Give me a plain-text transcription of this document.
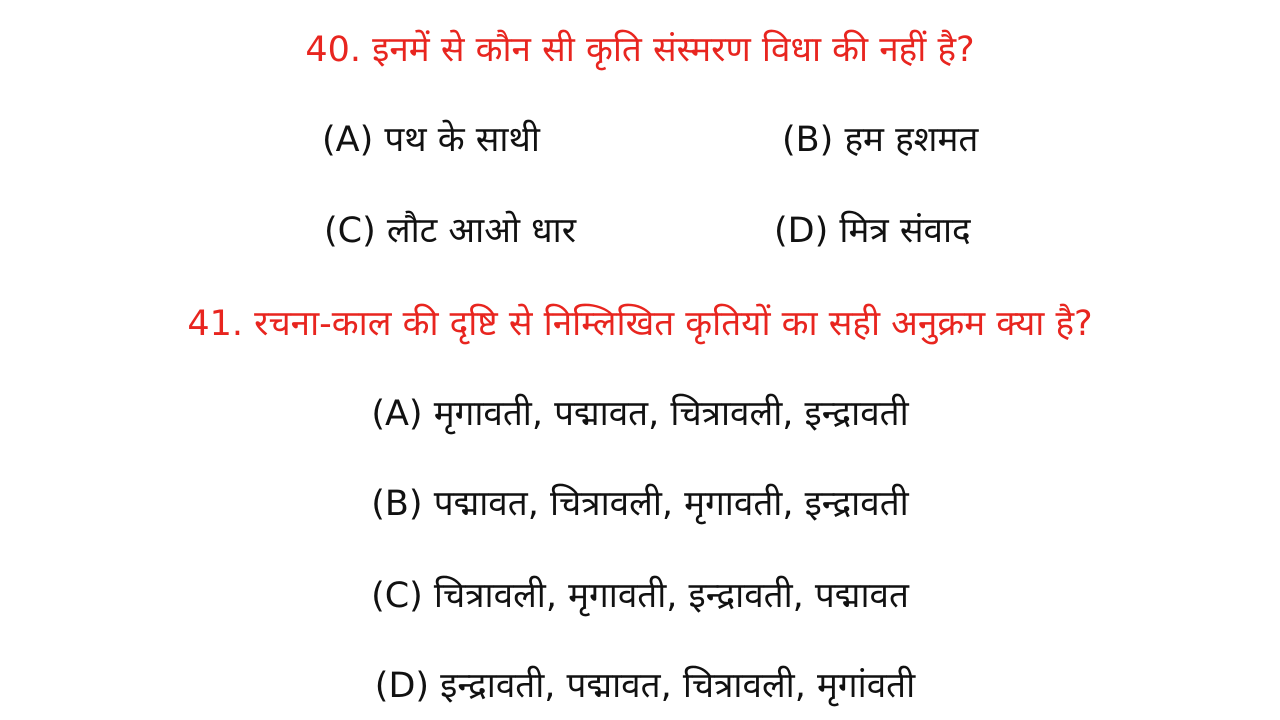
40. इनमें से कौन सी कृति संस्मरण विधा की नहीं है?
(A) पथ के साथी	(B) हम हशमत
(C) लौट आओ धार	(D) मित्र संवाद
41. रचना-काल की दृष्टि से निम्लिखित कृतियों का सही अनुक्रम क्या है?
(A) मृगावती, पद्मावत, चित्रावली, इन्द्रावती
(B) पद्मावत, चित्रावली, मृगावती, इन्द्रावती
(C) चित्रावली, मृगावती, इन्द्रावती, पद्मावत
(D) इन्द्रावती, पद्मावत, चित्रावली, मृगांवती
